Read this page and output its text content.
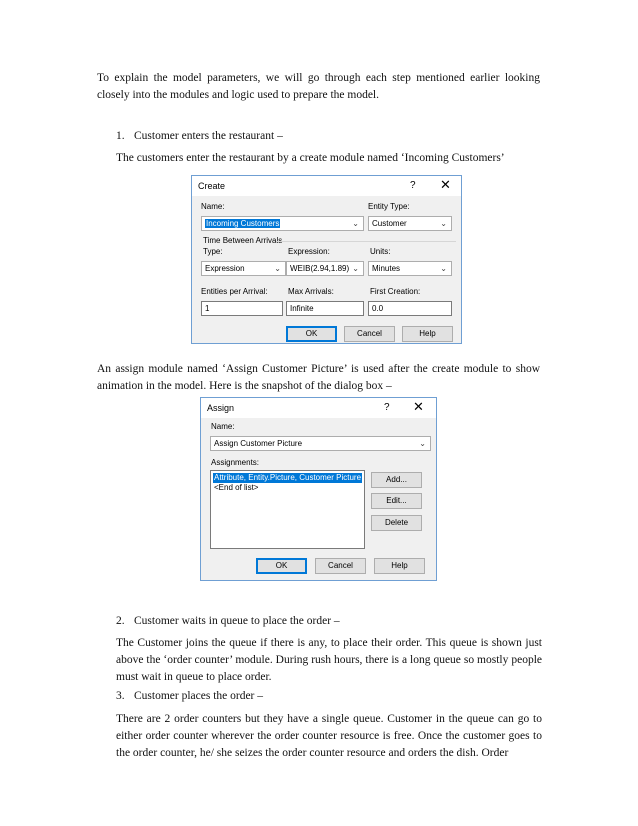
To explain the model parameters, we will go through each step mentioned earlier looking closely into the modules and logic used to prepare the model.

1. Customer enters the restaurant –

The customers enter the restaurant by a create module named ‘Incoming Customers’

Create	? ✕
Name:
Incoming Customers	⌄
Entity Type:
Customer	⌄
Time Between Arrivals
Type:
Expression	⌄
Expression:
WEIB(2.94,1.89) ⌄
Units:
Minutes	⌄
Entities per Arrival:
1
Max Arrivals:
Infinite
First Creation:
0.0
OK	Cancel	Help

An assign module named ‘Assign Customer Picture’ is used after the create module to show animation in the model. Here is the snapshot of the dialog box –

Assign	? ✕
Name:
Assign Customer Picture	⌄
Assignments:
Attribute, Entity.Picture, Customer Picture
<End of list>
Add...
Edit...
Delete
OK	Cancel	Help
2. Customer waits in queue to place the order –

The Customer joins the queue if there is any, to place their order. This queue is shown just above the ‘order counter’ module. During rush hours, there is a long queue so mostly people must wait in queue to place order.

3. Customer places the order –

There are 2 order counters but they have a single queue. Customer in the queue can go to either order counter wherever the order counter resource is free. Once the customer goes to the order counter, he/ she seizes the order counter resource and orders the dish. Order
